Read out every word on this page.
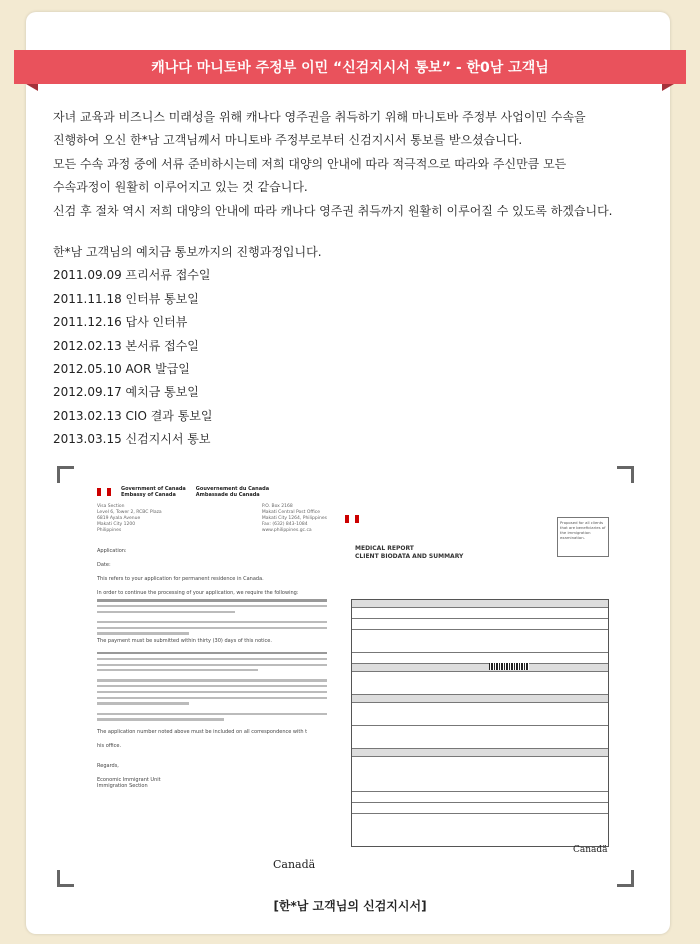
캐나다 마니토바 주정부 이민 “신검지시서 통보” - 한0남 고객님

자녀 교육과 비즈니스 미래성을 위해 캐나다 영주권을 취득하기 위해 마니토바 주정부 사업이민 수속을

진행하여 오신 한*남 고객님께서 마니토바 주정부로부터 신검지시서 통보를 받으셨습니다.

모든 수속 과정 중에 서류 준비하시는데 저희 대양의 안내에 따라 적극적으로 따라와 주신만큼 모든

수속과정이 원활히 이루어지고 있는 것 같습니다.

신검 후 절차 역시 저희 대양의 안내에 따라 캐나다 영주권 취득까지 원활히 이루어질 수 있도록 하겠습니다.

한*남 고객님의 예치금 통보까지의 진행과정입니다.
2011.09.09 프리서류 접수일
2011.11.18 인터뷰 통보일
2011.12.16 답사 인터뷰
2012.02.13 본서류 접수일
2012.05.10 AOR 발급일
2012.09.17 예치금 통보일
2013.02.13 CIO 결과 통보일
2013.03.15 신검지시서 통보
Government of Canada
Embassy of Canada
Gouvernement du Canada
Ambassade du Canada
Visa Section
Level 6, Tower 2, RCBC Plaza
6819 Ayala Avenue
Makati City 1200
Philippines
P.O. Box 2168
Makati Central Post Office
Makati City 1264, Philippines
Fax: (632) 843-1084
www.philippines.gc.ca
Application:
Date:
This refers to your application for permanent residence in Canada.
In order to continue the processing of your application, we require the following:
The payment must be submitted within thirty (30) days of this notice.
The application number noted above must be included on all correspondence with t
his office.
Regards,
Economic Immigrant Unit
Immigration Section
Canadä
MEDICAL REPORT
CLIENT BIODATA AND SUMMARY
Proposed for all clients that are beneficiaries of the immigration examination.
Canadä
[한*남 고객님의 신검지시서]
